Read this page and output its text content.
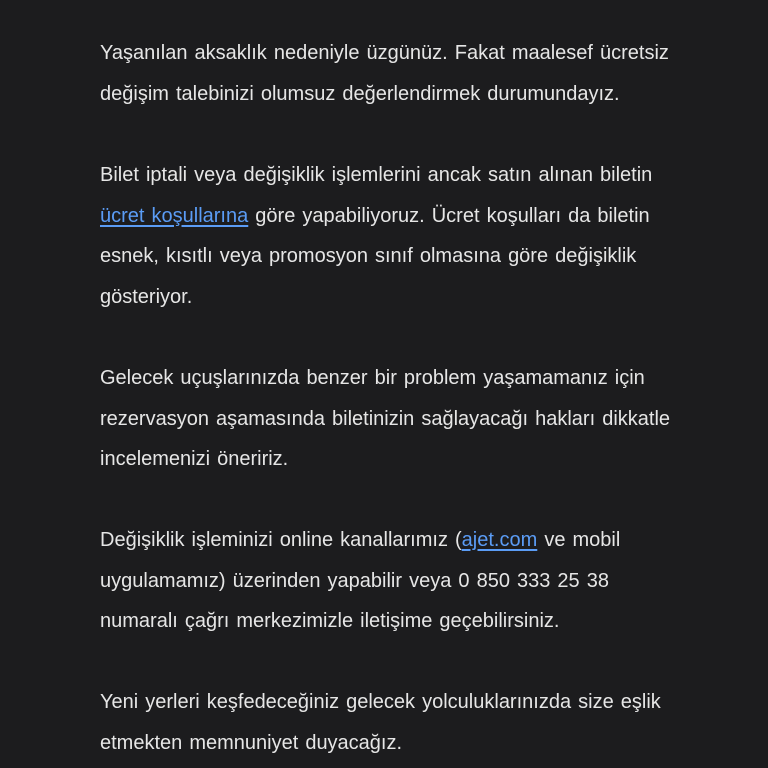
Yaşanılan aksaklık nedeniyle üzgünüz. Fakat maalesef ücretsiz
değişim talebinizi olumsuz değerlendirmek durumundayız.

Bilet iptali veya değişiklik işlemlerini ancak satın alınan biletin
ücret koşullarına göre yapabiliyoruz. Ücret koşulları da biletin
esnek, kısıtlı veya promosyon sınıf olmasına göre değişiklik
gösteriyor.

Gelecek uçuşlarınızda benzer bir problem yaşamamanız için
rezervasyon aşamasında biletinizin sağlayacağı hakları dikkatle
incelemenizi öneririz.

Değişiklik işleminizi online kanallarımız (ajet.com ve mobil
uygulamamız) üzerinden yapabilir veya 0 850 333 25 38
numaralı çağrı merkezimizle iletişime geçebilirsiniz.

Yeni yerleri keşfedeceğiniz gelecek yolculuklarınızda size eşlik
etmekten memnuniyet duyacağız.
